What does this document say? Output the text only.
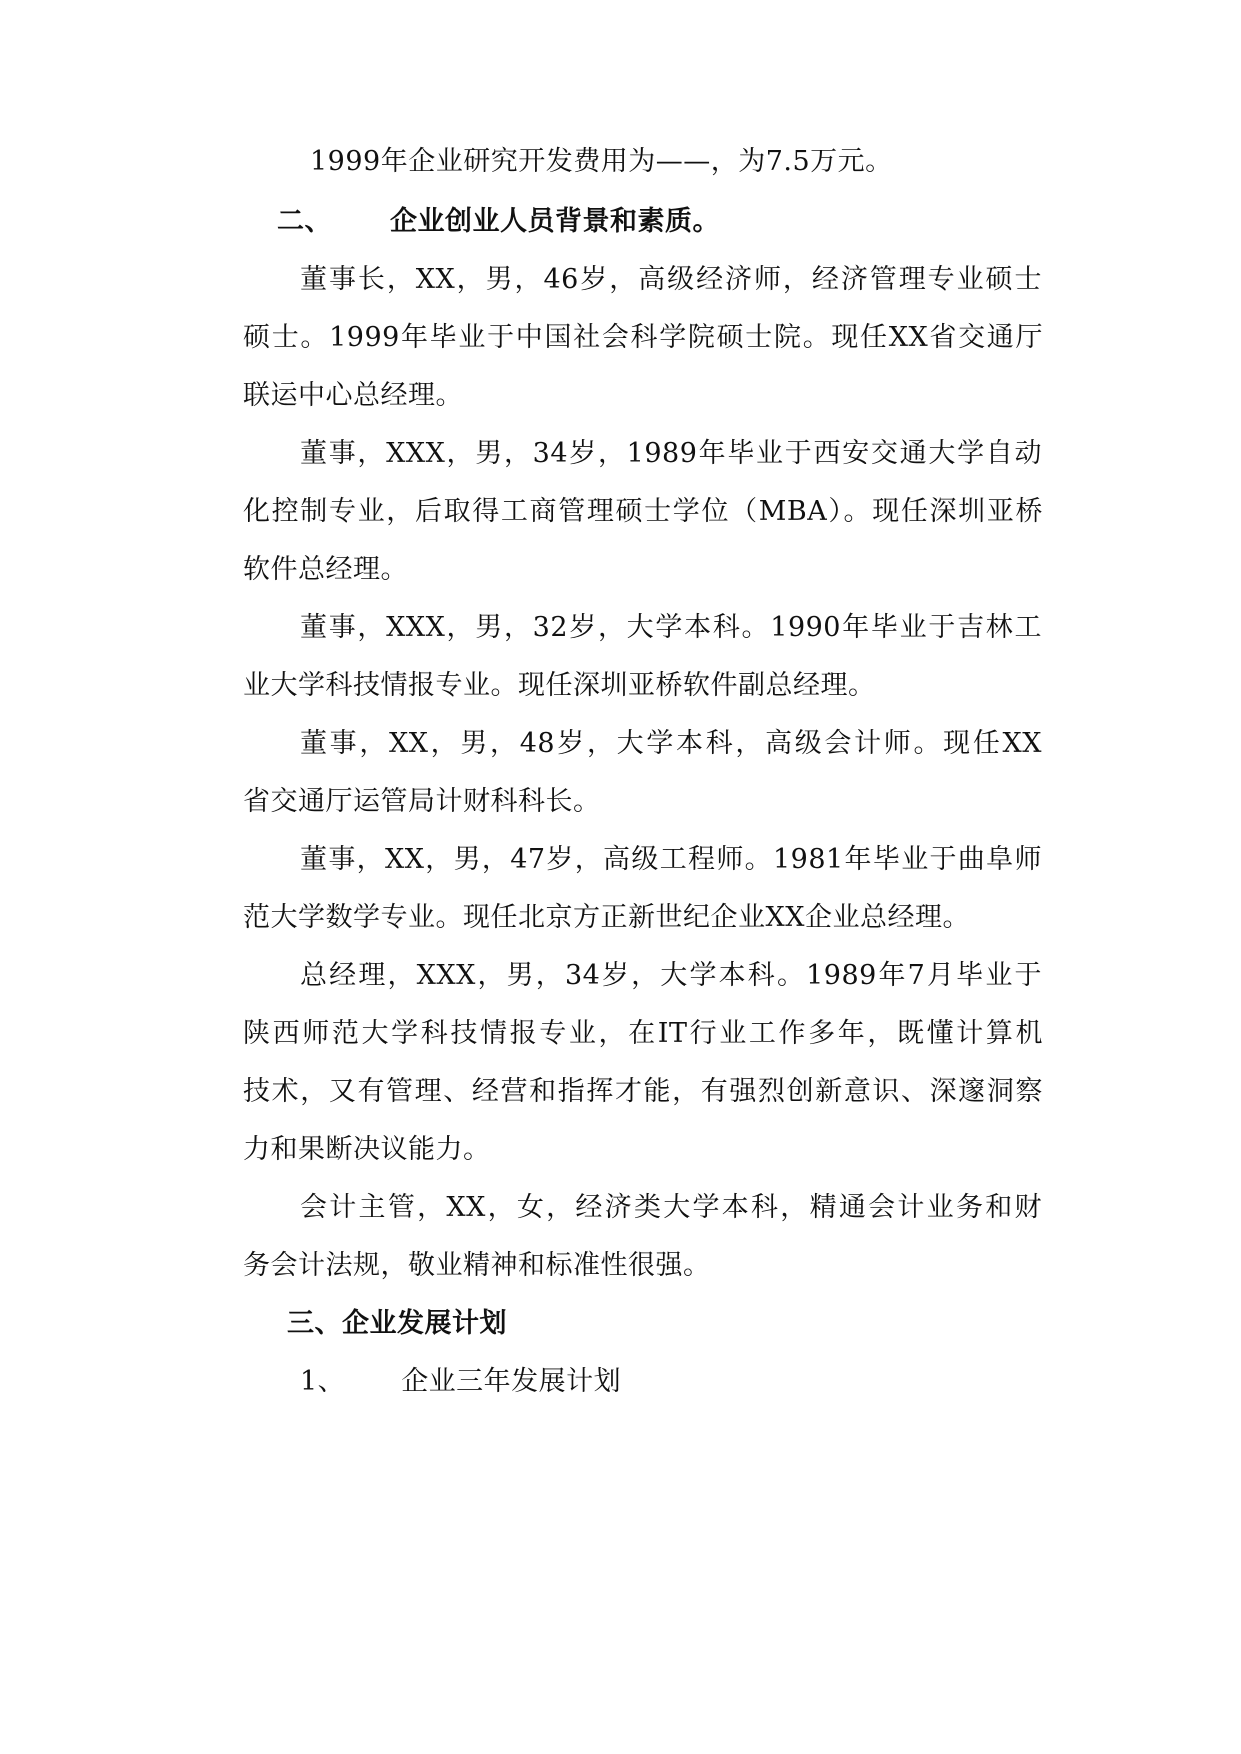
1999年企业研究开发费用为——，为7.5万元。
二、 企业创业人员背景和素质。
董事长，XX，男，46岁，高级经济师，经济管理专业硕士
硕士。1999年毕业于中国社会科学院硕士院。现任XX省交通厅
联运中心总经理。
董事，XXX，男，34岁，1989年毕业于西安交通大学自动
化控制专业，后取得工商管理硕士学位（MBA）。现任深圳亚桥
软件总经理。
董事，XXX，男，32岁，大学本科。1990年毕业于吉林工
业大学科技情报专业。现任深圳亚桥软件副总经理。
董事，XX，男，48岁，大学本科，高级会计师。现任XX
省交通厅运管局计财科科长。
董事，XX，男，47岁，高级工程师。1981年毕业于曲阜师
范大学数学专业。现任北京方正新世纪企业XX企业总经理。
总经理，XXX，男，34岁，大学本科。1989年7月毕业于
陕西师范大学科技情报专业，在IT行业工作多年，既懂计算机
技术，又有管理、经营和指挥才能，有强烈创新意识、深邃洞察
力和果断决议能力。
会计主管，XX，女，经济类大学本科，精通会计业务和财
务会计法规，敬业精神和标准性很强。
三、企业发展计划
1、 企业三年发展计划
